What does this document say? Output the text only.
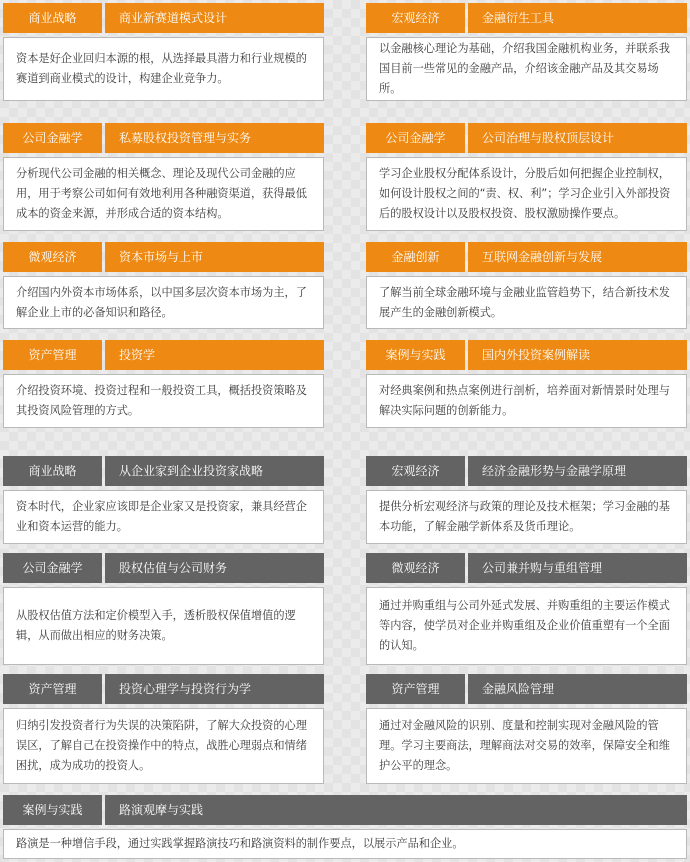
商业战略	商业新赛道模式设计

资本是好企业回归本源的根，从选择最具潜力和行业规模的赛道到商业模式的设计，构建企业竞争力。

宏观经济	金融衍生工具

以金融核心理论为基础，介绍我国金融机构业务，并联系我国目前一些常见的金融产品，介绍该金融产品及其交易场所。

公司金融学	私募股权投资管理与实务

分析现代公司金融的相关概念、理论及现代公司金融的应用，用于考察公司如何有效地利用各种融资渠道，获得最低成本的资金来源，并形成合适的资本结构。

公司金融学	公司治理与股权顶层设计

学习企业股权分配体系设计，分股后如何把握企业控制权，如何设计股权之间的“责、权、利”；学习企业引入外部投资后的股权设计以及股权投资、股权激励操作要点。

微观经济	资本市场与上市

介绍国内外资本市场体系，以中国多层次资本市场为主，了解企业上市的必备知识和路径。

金融创新	互联网金融创新与发展

了解当前全球金融环境与金融业监管趋势下，结合新技术发展产生的金融创新模式。

资产管理	投资学

介绍投资环境、投资过程和一般投资工具，概括投资策略及其投资风险管理的方式。

案例与实践	国内外投资案例解读

对经典案例和热点案例进行剖析，培养面对新情景时处理与解决实际问题的创新能力。

商业战略	从企业家到企业投资家战略

资本时代，企业家应该即是企业家又是投资家，兼具经营企业和资本运营的能力。

宏观经济	经济金融形势与金融学原理

提供分析宏观经济与政策的理论及技术框架；学习金融的基本功能，了解金融学新体系及货币理论。

公司金融学	股权估值与公司财务

从股权估值方法和定价模型入手，透析股权保值增值的逻辑，从而做出相应的财务决策。

微观经济	公司兼并购与重组管理

通过并购重组与公司外延式发展、并购重组的主要运作模式等内容，使学员对企业并购重组及企业价值重塑有一个全面的认知。

资产管理	投资心理学与投资行为学

归纳引发投资者行为失误的决策陷阱，了解大众投资的心理误区，了解自己在投资操作中的特点，战胜心理弱点和情绪困扰，成为成功的投资人。

资产管理	金融风险管理

通过对金融风险的识别、度量和控制实现对金融风险的管理。学习主要商法，理解商法对交易的效率，保障安全和维护公平的理念。

案例与实践	路演观摩与实践

路演是一种增信手段，通过实践掌握路演技巧和路演资料的制作要点，以展示产品和企业。
